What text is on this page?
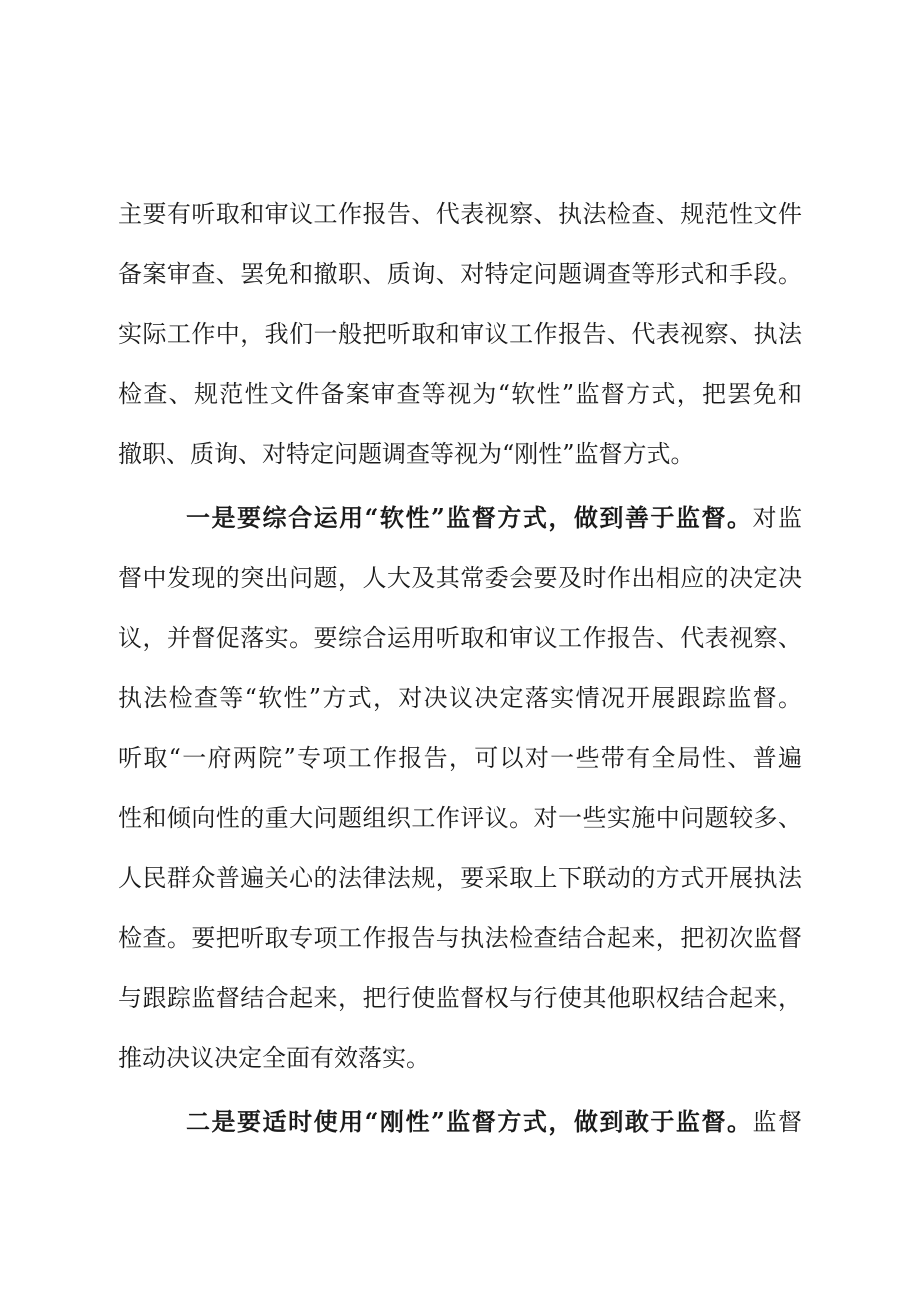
主要有听取和审议工作报告、代表视察、执法检查、规范性文件
备案审查、罢免和撤职、质询、对特定问题调查等形式和手段。
实际工作中，我们一般把听取和审议工作报告、代表视察、执法
检查、规范性文件备案审查等视为“软性”监督方式，把罢免和
撤职、质询、对特定问题调查等视为“刚性”监督方式。
一是要综合运用“软性”监督方式，做到善于监督。对监
督中发现的突出问题，人大及其常委会要及时作出相应的决定决
议，并督促落实。要综合运用听取和审议工作报告、代表视察、
执法检查等“软性”方式，对决议决定落实情况开展跟踪监督。
听取“一府两院”专项工作报告，可以对一些带有全局性、普遍
性和倾向性的重大问题组织工作评议。对一些实施中问题较多、
人民群众普遍关心的法律法规，要采取上下联动的方式开展执法
检查。要把听取专项工作报告与执法检查结合起来，把初次监督
与跟踪监督结合起来，把行使监督权与行使其他职权结合起来，
推动决议决定全面有效落实。
二是要适时使用“刚性”监督方式，做到敢于监督。监督
